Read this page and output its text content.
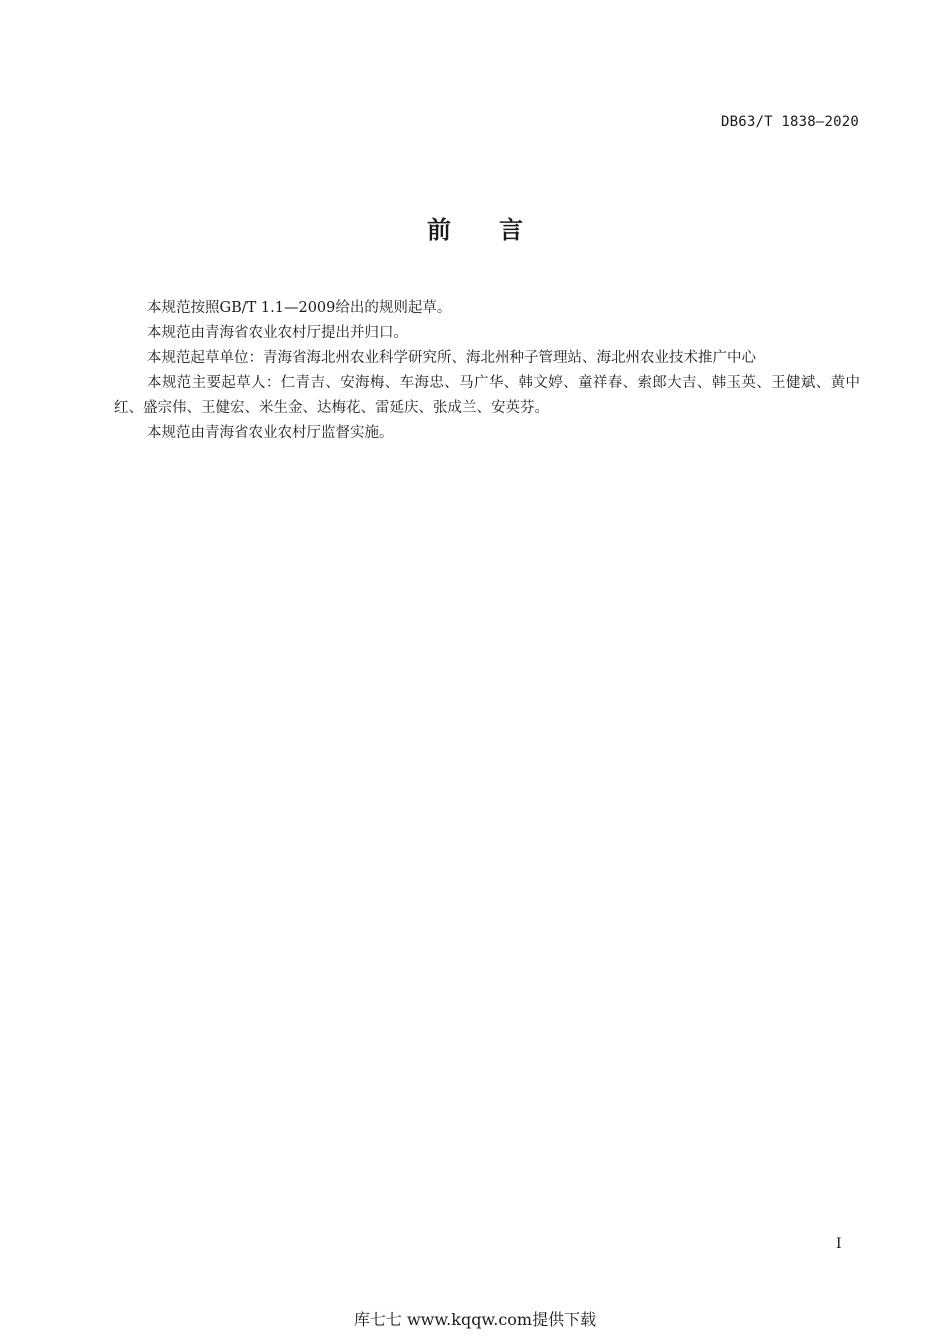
DB63/T 1838—2020
前 言

本规范按照GB/T 1.1—2009给出的规则起草。

本规范由青海省农业农村厅提出并归口。

本规范起草单位：青海省海北州农业科学研究所、海北州种子管理站、海北州农业技术推广中心

本规范主要起草人：仁青吉、安海梅、车海忠、马广华、韩文婷、童祥春、索郎大吉、韩玉英、王健斌、黄中红、盛宗伟、王健宏、米生金、达梅花、雷延庆、张成兰、安英芬。

本规范由青海省农业农村厅监督实施。

I
库七七 www.kqqw.com提供下载
